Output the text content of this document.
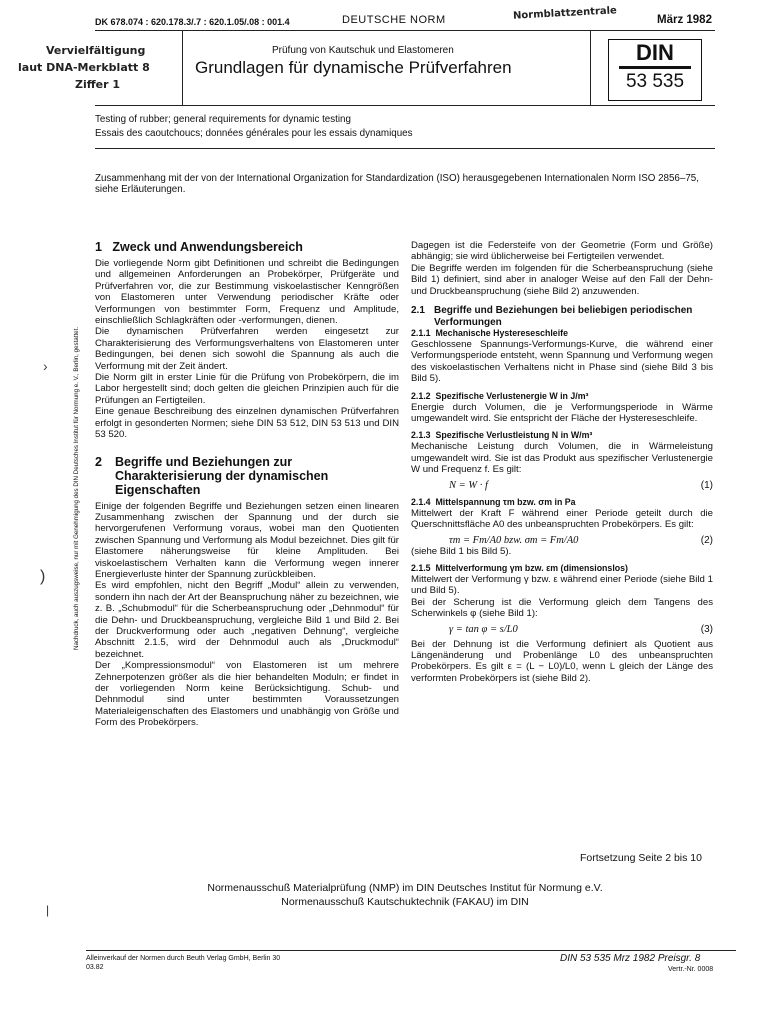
DK 678.074 : 620.178.3/.7 : 620.1.05/.08 : 001.4	DEUTSCHE NORM	Normblattzentrale	März 1982
Vervielfältigung
laut DNA-Merkblatt 8
Ziffer 1
Prüfung von Kautschuk und Elastomeren
Grundlagen für dynamische Prüfverfahren
DIN
53 535
Testing of rubber; general requirements for dynamic testing
Essais des caoutchoucs; données générales pour les essais dynamiques
Zusammenhang mit der von der International Organization for Standardization (ISO) herausgegebenen Internationalen Norm ISO 2856–75, siehe Erläuterungen.
Nachdruck, auch auszugsweise, nur mit Genehmigung des DIN Deutsches Institut für Normung e. V., Berlin, gestattet.
1   Zweck und Anwendungsbereich

Die vorliegende Norm gibt Definitionen und schreibt die Bedingungen und allgemeinen Anforderungen an Probekörper, Prüfgeräte und Prüfverfahren vor, die zur Bestimmung viskoelastischer Kenngrößen von Elastomeren unter Verwendung periodischer Kräfte oder Verformungen von bestimmter Form, Frequenz und Amplitude, einschließlich Schlagkräften oder -verformungen, dienen.

Die dynamischen Prüfverfahren werden eingesetzt zur Charakterisierung des Verformungsverhaltens von Elastomeren unter Bedingungen, bei denen sich sowohl die Spannung als auch die Verformung mit der Zeit ändert.

Die Norm gilt in erster Linie für die Prüfung von Probekörpern, die im Labor hergestellt sind; doch gelten die gleichen Prinzipien auch für die Prüfungen an Fertigteilen.

Eine genaue Beschreibung des einzelnen dynamischen Prüfverfahren erfolgt in gesonderten Normen; siehe DIN 53 512, DIN 53 513 und DIN 53 520.

2	Begriffe und Beziehungen zur Charakterisierung der dynamischen Eigenschaften

Einige der folgenden Begriffe und Beziehungen setzen einen linearen Zusammenhang zwischen der Spannung und der durch sie hervorgerufenen Verformung voraus, wobei man den Quotienten zwischen Spannung und Verformung als Modul bezeichnet. Dies gilt für Elastomere näherungsweise für kleine Amplituden. Bei viskoelastischem Verhalten kann die Verformung wegen innerer Energieverluste hinter der Spannung zurückbleiben.

Es wird empfohlen, nicht den Begriff „Modul“ allein zu verwenden, sondern ihn nach der Art der Beanspruchung näher zu bezeichnen, wie z. B. „Schubmodul“ für die Scherbeanspruchung oder „Dehnmodul“ für die Dehn- und Druckbeanspruchung, vergleiche Bild 1 und Bild 2. Bei der Druckverformung oder auch „negativen Dehnung“, vergleiche Abschnitt 2.1.5, wird der Dehnmodul auch als „Druckmodul“ bezeichnet.

Der „Kompressionsmodul“ von Elastomeren ist um mehrere Zehnerpotenzen größer als die hier behandelten Moduln; er findet in der vorliegenden Norm keine Berücksichtigung. Schub- und Dehnmodul sind unter bestimmten Voraussetzungen Materialeigenschaften des Elastomers und unabhängig von Größe und Form des Probekörpers.

Dagegen ist die Federsteife von der Geometrie (Form und Größe) abhängig; sie wird üblicherweise bei Fertigteilen verwendet.

Die Begriffe werden im folgenden für die Scherbeanspruchung (siehe Bild 1) definiert, sind aber in analoger Weise auf den Fall der Dehn- und Druckbeanspruchung (siehe Bild 2) anzuwenden.

2.1 Begriffe und Beziehungen bei beliebigen periodischen Verformungen
2.1.1  Mechanische Hystereseschleife
Geschlossene Spannungs-Verformungs-Kurve, die während einer Verformungsperiode entsteht, wenn Spannung und Verformung wegen des viskoelastischen Verhaltens nicht in Phase sind (siehe Bild 3 bis Bild 5).
2.1.2  Spezifische Verlustenergie W in J/m³
Energie durch Volumen, die je Verformungsperiode in Wärme umgewandelt wird. Sie entspricht der Fläche der Hystereseschleife.
2.1.3  Spezifische Verlustleistung N in W/m³
Mechanische Leistung durch Volumen, die in Wärmeleistung umgewandelt wird. Sie ist das Produkt aus spezifischer Verlustenergie W und Frequenz f. Es gilt:
N = W · f	(1)
2.1.4  Mittelspannung τm bzw. σm in Pa
Mittelwert der Kraft F während einer Periode geteilt durch die Querschnittsfläche A0 des unbeanspruchten Probekörpers. Es gilt:
τm = Fm/A0 bzw. σm = Fm/A0	(2)
(siehe Bild 1 bis Bild 5).
2.1.5  Mittelverformung γm bzw. εm (dimensionslos)

Mittelwert der Verformung γ bzw. ε während einer Periode (siehe Bild 1 und Bild 5).

Bei der Scherung ist die Verformung gleich dem Tangens des Scherwinkels φ (siehe Bild 1):

γ = tan φ = s/L0	(3)
Bei der Dehnung ist die Verformung definiert als Quotient aus Längenänderung und Probenlänge L0 des unbeanspruchten Probekörpers. Es gilt ε = (L − L0)/L0, wenn L gleich der Länge des verformten Probekörpers ist (siehe Bild 2).
Fortsetzung Seite 2 bis 10
Normenausschuß Materialprüfung (NMP) im DIN Deutsches Institut für Normung e.V.
Normenausschuß Kautschuktechnik (FAKAU) im DIN
Alleinverkauf der Normen durch Beuth Verlag GmbH, Berlin 30
03.82
DIN 53 535 Mrz 1982 Preisgr. 8
Vertr.-Nr. 0008
›
)
|
